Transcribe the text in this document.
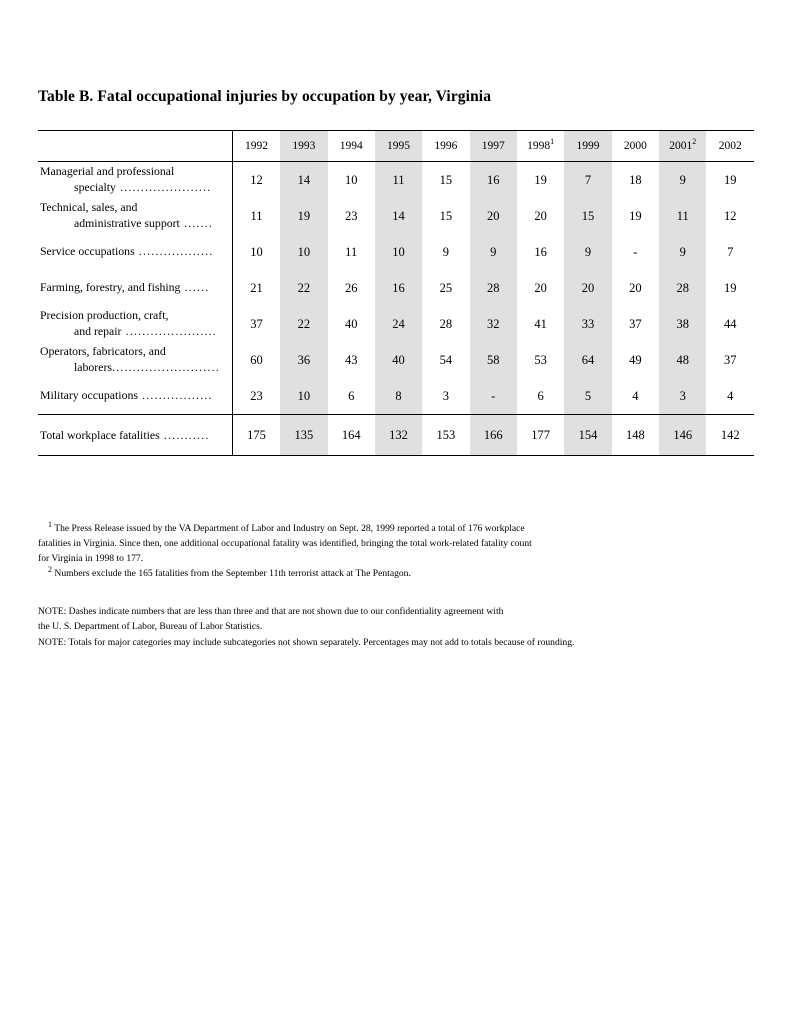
Table B. Fatal occupational injuries by occupation by year, Virginia
	1992	1993	1994	1995	1996	1997	1998$^1$	1999	2000	2001$^2$	2002
Managerial and professional

specialty ......................	12	14	10	11	15	16	19	7	18	9	19
Technical, sales, and

administrative support .......	11	19	23	14	15	20	20	15	19	11	12
Service occupations ..................	10	10	11	10	9	9	16	9	-	9	7
Farming, forestry, and fishing ......	21	22	26	16	25	28	20	20	20	28	19
Precision production, craft,

and repair ......................	37	22	40	24	28	32	41	33	37	38	44
Operators, fabricators, and

laborers..........................	60	36	43	40	54	58	53	64	49	48	37
Military occupations .................	23	10	6	8	3	-	6	5	4	3	4

Total workplace fatalities ...........	175	135	164	132	153	166	177	154	148	146	142

$^1$ The Press Release issued by the VA Department of Labor and Industry on Sept. 28, 1999 reported a total of 176 workplace
fatalities in Virginia. Since then, one additional occupational fatality was identified, bringing the total work-related fatality count
for Virginia in 1998 to 177.
$^2$ Numbers exclude the 165 fatalities from the September 11th terrorist attack at The Pentagon.
NOTE: Dashes indicate numbers that are less than three and that are not shown due to our confidentiality agreement with
the U. S. Department of Labor, Bureau of Labor Statistics.
NOTE: Totals for major categories may include subcategories not shown separately. Percentages may not add to totals because of rounding.
